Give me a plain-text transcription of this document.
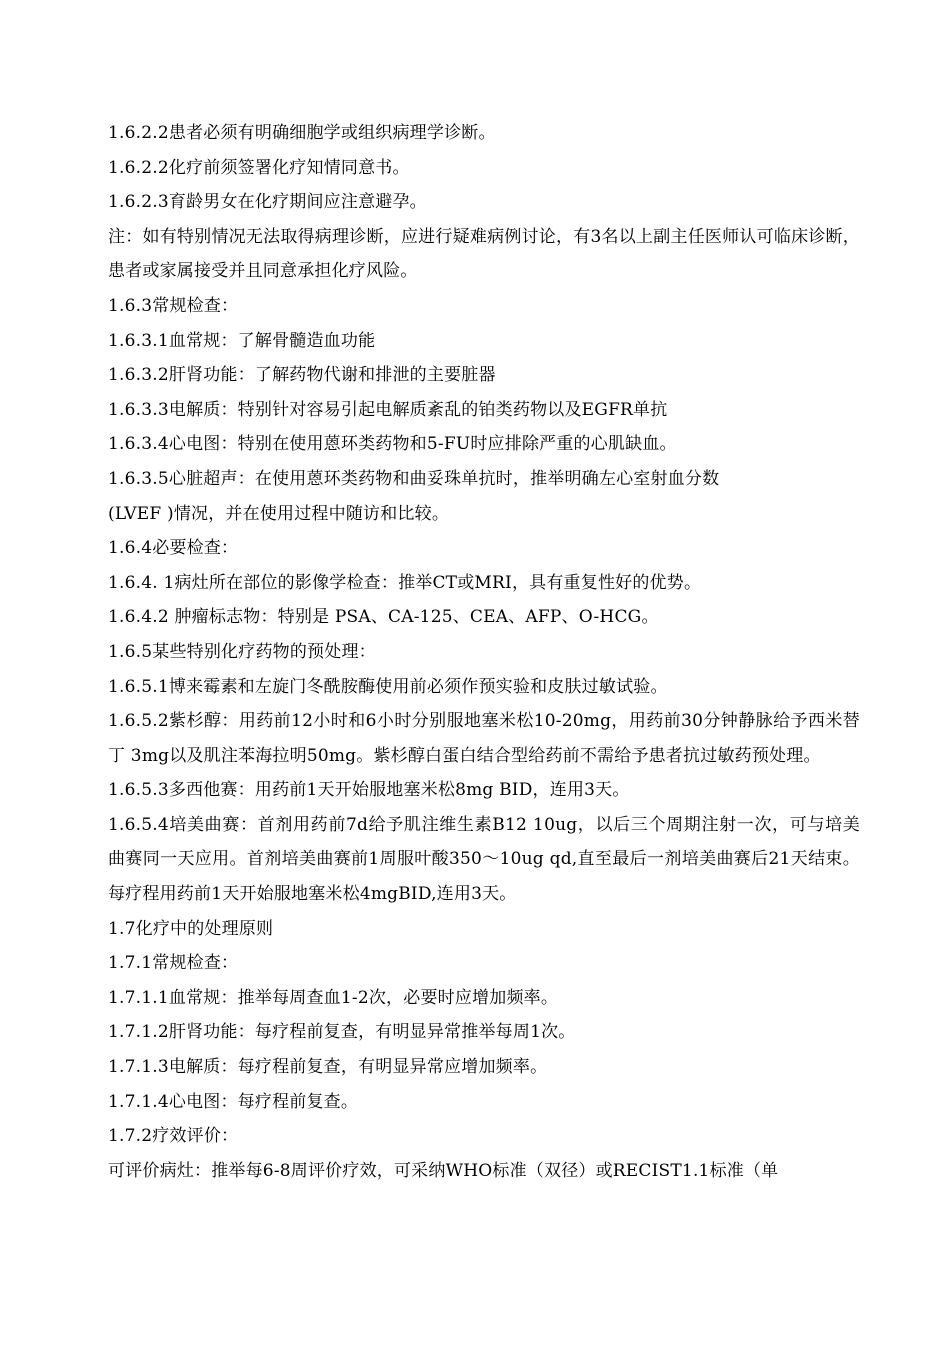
1.6.2.2患者必须有明确细胞学或组织病理学诊断。

1.6.2.2化疗前须签署化疗知情同意书。

1.6.2.3育龄男女在化疗期间应注意避孕。

注：如有特别情况无法取得病理诊断，应进行疑难病例讨论，有3名以上副主任医师认可临床诊断，患者或家属接受并且同意承担化疗风险。

1.6.3常规检查：

1.6.3.1血常规：了解骨髓造血功能

1.6.3.2肝肾功能：了解药物代谢和排泄的主要脏器

1.6.3.3电解质：特别针对容易引起电解质紊乱的铂类药物以及EGFR单抗

1.6.3.4心电图：特别在使用蒽环类药物和5-FU时应排除严重的心肌缺血。

1.6.3.5心脏超声：在使用蒽环类药物和曲妥珠单抗时，推举明确左心室射血分数

(LVEF )情况，并在使用过程中随访和比较。

1.6.4必要检查：

1.6.4. 1病灶所在部位的影像学检查：推举CT或MRI，具有重复性好的优势。

1.6.4.2 肿瘤标志物：特别是 PSA、CA-125、CEA、AFP、O-HCG。

1.6.5某些特别化疗药物的预处理：

1.6.5.1博来霉素和左旋门冬酰胺酶使用前必须作预实验和皮肤过敏试验。

1.6.5.2紫杉醇：用药前12小时和6小时分别服地塞米松10-20mg，用药前30分钟静脉给予西米替丁 3mg以及肌注苯海拉明50mg。紫杉醇白蛋白结合型给药前不需给予患者抗过敏药预处理。

1.6.5.3多西他赛：用药前1天开始服地塞米松8mg BID，连用3天。

1.6.5.4培美曲赛：首剂用药前7d给予肌注维生素B12 10ug，以后三个周期注射一次，可与培美曲赛同一天应用。首剂培美曲赛前1周服叶酸350〜10ug qd,直至最后一剂培美曲赛后21天结束。每疗程用药前1天开始服地塞米松4mgBID,连用3天。

1.7化疗中的处理原则

1.7.1常规检查：

1.7.1.1血常规：推举每周查血1-2次，必要时应增加频率。

1.7.1.2肝肾功能：每疗程前复查，有明显异常推举每周1次。

1.7.1.3电解质：每疗程前复查，有明显异常应增加频率。

1.7.1.4心电图：每疗程前复查。

1.7.2疗效评价：

可评价病灶：推举每6-8周评价疗效，可采纳WHO标准（双径）或RECIST1.1标准（单
